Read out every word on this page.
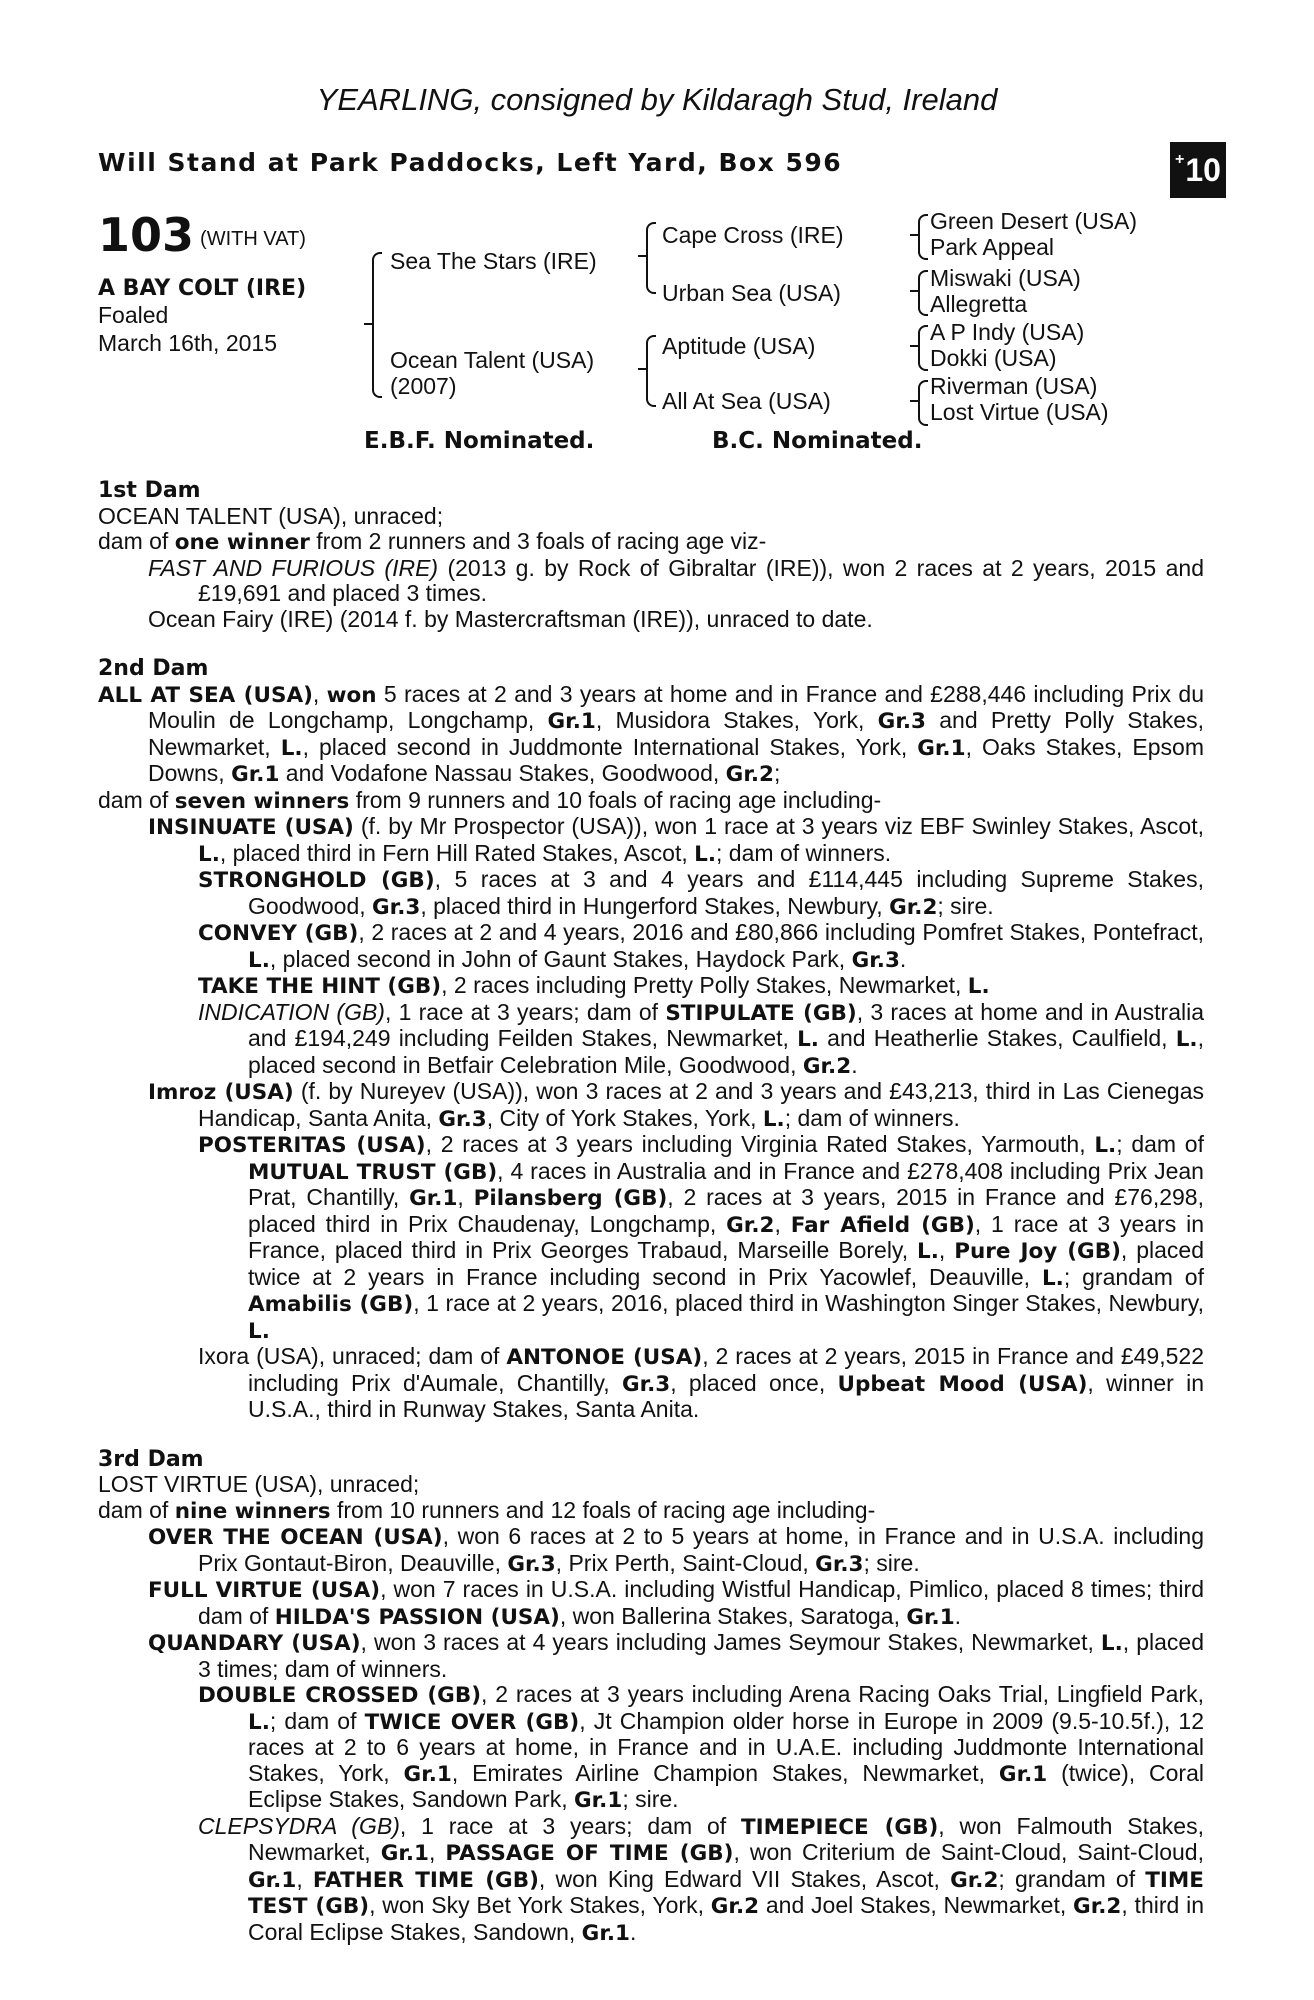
YEARLING, consigned by Kildaragh Stud, Ireland
Will Stand at Park Paddocks, Left Yard, Box 596	+ 10
103 (WITH VAT)
A BAY COLT (IRE)
Foaled
March 16th, 2015
Sea The Stars (IRE)
Ocean Talent (USA)
(2007)
Cape Cross (IRE)
Urban Sea (USA)
Aptitude (USA)
All At Sea (USA)
Green Desert (USA)
Park Appeal
Miswaki (USA)
Allegretta
A P Indy (USA)
Dokki (USA)
Riverman (USA)
Lost Virtue (USA)
E.B.F. Nominated.	B.C. Nominated.
1st Dam
OCEAN TALENT (USA), unraced;
dam of one winner from 2 runners and 3 foals of racing age viz-
FAST AND FURIOUS (IRE) (2013 g. by Rock of Gibraltar (IRE)), won 2 races at 2 years, 2015 and £19,691 and placed 3 times.
Ocean Fairy (IRE) (2014 f. by Mastercraftsman (IRE)), unraced to date.
2nd Dam
ALL AT SEA (USA), won 5 races at 2 and 3 years at home and in France and £288,446 including Prix du Moulin de Longchamp, Longchamp, Gr.1, Musidora Stakes, York, Gr.3 and Pretty Polly Stakes, Newmarket, L., placed second in Juddmonte International Stakes, York, Gr.1, Oaks Stakes, Epsom Downs, Gr.1 and Vodafone Nassau Stakes, Goodwood, Gr.2;
dam of seven winners from 9 runners and 10 foals of racing age including-
INSINUATE (USA) (f. by Mr Prospector (USA)), won 1 race at 3 years viz EBF Swinley Stakes, Ascot, L., placed third in Fern Hill Rated Stakes, Ascot, L.; dam of winners.
STRONGHOLD (GB), 5 races at 3 and 4 years and £114,445 including Supreme Stakes, Goodwood, Gr.3, placed third in Hungerford Stakes, Newbury, Gr.2; sire.
CONVEY (GB), 2 races at 2 and 4 years, 2016 and £80,866 including Pomfret Stakes, Pontefract, L., placed second in John of Gaunt Stakes, Haydock Park, Gr.3.
TAKE THE HINT (GB), 2 races including Pretty Polly Stakes, Newmarket, L.
INDICATION (GB), 1 race at 3 years; dam of STIPULATE (GB), 3 races at home and in Australia and £194,249 including Feilden Stakes, Newmarket, L. and Heatherlie Stakes, Caulfield, L., placed second in Betfair Celebration Mile, Goodwood, Gr.2.
Imroz (USA) (f. by Nureyev (USA)), won 3 races at 2 and 3 years and £43,213, third in Las Cienegas Handicap, Santa Anita, Gr.3, City of York Stakes, York, L.; dam of winners.
POSTERITAS (USA), 2 races at 3 years including Virginia Rated Stakes, Yarmouth, L.; dam of MUTUAL TRUST (GB), 4 races in Australia and in France and £278,408 including Prix Jean Prat, Chantilly, Gr.1, Pilansberg (GB), 2 races at 3 years, 2015 in France and £76,298, placed third in Prix Chaudenay, Longchamp, Gr.2, Far Afield (GB), 1 race at 3 years in France, placed third in Prix Georges Trabaud, Marseille Borely, L., Pure Joy (GB), placed twice at 2 years in France including second in Prix Yacowlef, Deauville, L.; grandam of Amabilis (GB), 1 race at 2 years, 2016, placed third in Washington Singer Stakes, Newbury, L.
Ixora (USA), unraced; dam of ANTONOE (USA), 2 races at 2 years, 2015 in France and £49,522 including Prix d'Aumale, Chantilly, Gr.3, placed once, Upbeat Mood (USA), winner in U.S.A., third in Runway Stakes, Santa Anita.
3rd Dam
LOST VIRTUE (USA), unraced;
dam of nine winners from 10 runners and 12 foals of racing age including-
OVER THE OCEAN (USA), won 6 races at 2 to 5 years at home, in France and in U.S.A. including Prix Gontaut-Biron, Deauville, Gr.3, Prix Perth, Saint-Cloud, Gr.3; sire.
FULL VIRTUE (USA), won 7 races in U.S.A. including Wistful Handicap, Pimlico, placed 8 times; third dam of HILDA'S PASSION (USA), won Ballerina Stakes, Saratoga, Gr.1.
QUANDARY (USA), won 3 races at 4 years including James Seymour Stakes, Newmarket, L., placed 3 times; dam of winners.
DOUBLE CROSSED (GB), 2 races at 3 years including Arena Racing Oaks Trial, Lingfield Park, L.; dam of TWICE OVER (GB), Jt Champion older horse in Europe in 2009 (9.5-10.5f.), 12 races at 2 to 6 years at home, in France and in U.A.E. including Juddmonte International Stakes, York, Gr.1, Emirates Airline Champion Stakes, Newmarket, Gr.1 (twice), Coral Eclipse Stakes, Sandown Park, Gr.1; sire.
CLEPSYDRA (GB), 1 race at 3 years; dam of TIMEPIECE (GB), won Falmouth Stakes, Newmarket, Gr.1, PASSAGE OF TIME (GB), won Criterium de Saint-Cloud, Saint-Cloud, Gr.1, FATHER TIME (GB), won King Edward VII Stakes, Ascot, Gr.2; grandam of TIME TEST (GB), won Sky Bet York Stakes, York, Gr.2 and Joel Stakes, Newmarket, Gr.2, third in Coral Eclipse Stakes, Sandown, Gr.1.
